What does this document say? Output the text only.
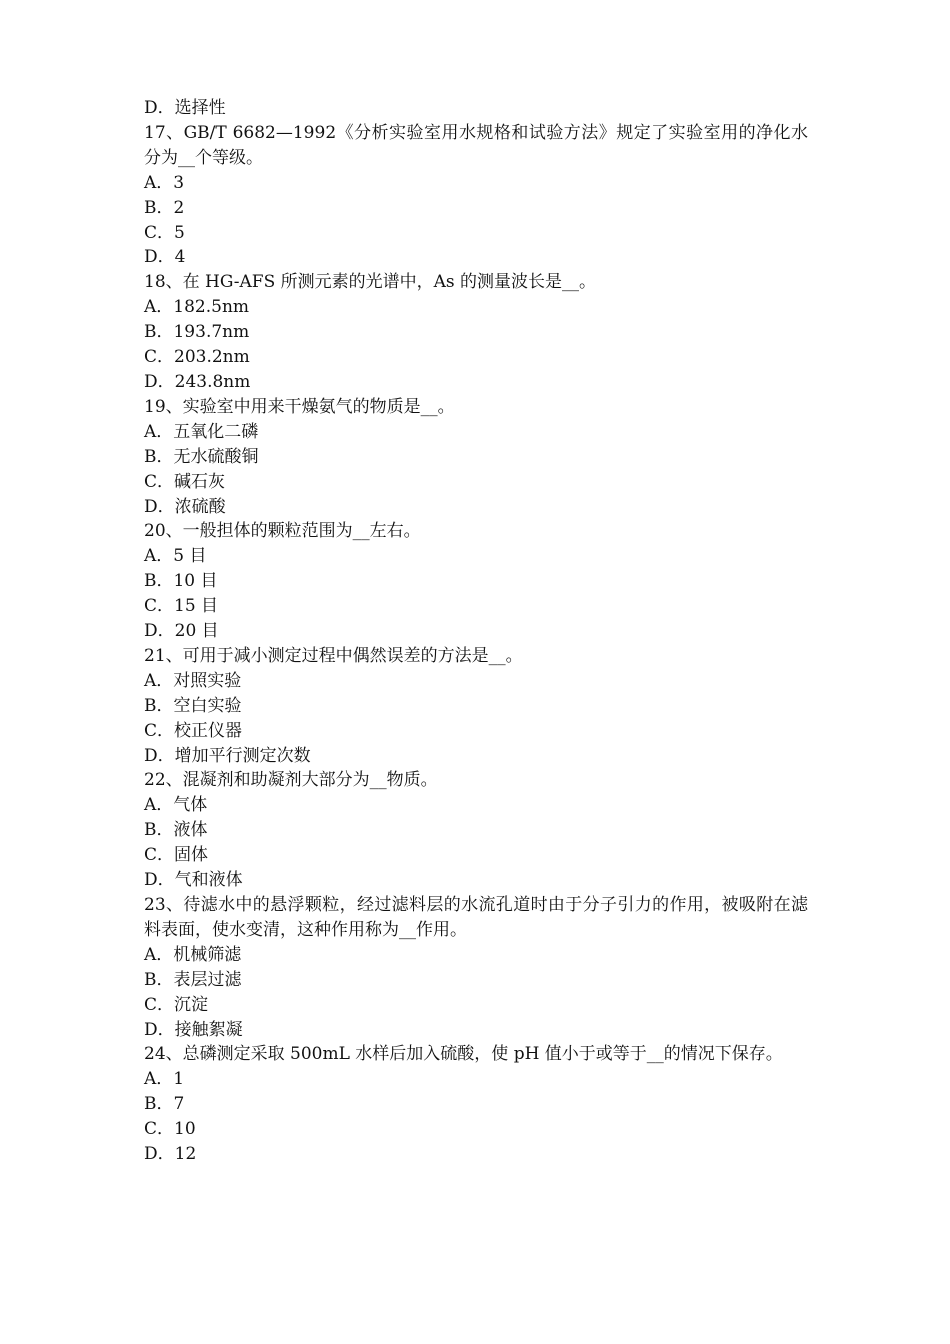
D．选择性

17、GB/T 6682—1992《分析实验室用水规格和试验方法》规定了实验室用的净化水分为__个等级。

A．3

B．2

C．5

D．4

18、在 HG-AFS 所测元素的光谱中，As 的测量波长是__。

A．182.5nm

B．193.7nm

C．203.2nm

D．243.8nm

19、实验室中用来干燥氨气的物质是__。

A．五氧化二磷

B．无水硫酸铜

C．碱石灰

D．浓硫酸

20、一般担体的颗粒范围为__左右。

A．5 目

B．10 目

C．15 目

D．20 目

21、可用于减小测定过程中偶然误差的方法是__。

A．对照实验

B．空白实验

C．校正仪器

D．增加平行测定次数

22、混凝剂和助凝剂大部分为__物质。

A．气体

B．液体

C．固体

D．气和液体

23、待滤水中的悬浮颗粒，经过滤料层的水流孔道时由于分子引力的作用，被吸附在滤料表面，使水变清，这种作用称为__作用。

A．机械筛滤

B．表层过滤

C．沉淀

D．接触絮凝

24、总磷测定采取 500mL 水样后加入硫酸，使 pH 值小于或等于__的情况下保存。

A．1

B．7

C．10

D．12
